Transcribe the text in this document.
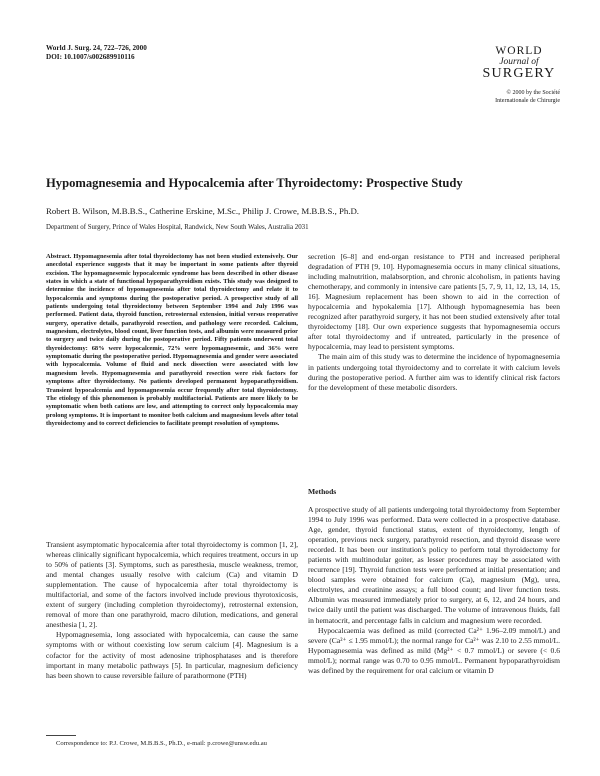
World J. Surg. 24, 722–726, 2000
DOI: 10.1007/s002689910116	WORLD
Journal of
SURGERY
© 2000 by the Société
Internationale de Chirurgie
Hypomagnesemia and Hypocalcemia after Thyroidectomy: Prospective Study
Robert B. Wilson, M.B.B.S., Catherine Erskine, M.Sc., Philip J. Crowe, M.B.B.S., Ph.D.
Department of Surgery, Prince of Wales Hospital, Randwick, New South Wales, Australia 2031
Abstract. Hypomagnesemia after total thyroidectomy has not been studied extensively. Our anecdotal experience suggests that it may be important in some patients after thyroid excision. The hypomagnesemic hypocalcemic syndrome has been described in other disease states in which a state of functional hypoparathyroidism exists. This study was designed to determine the incidence of hypomagnesemia after total thyroidectomy and relate it to hypocalcemia and symptoms during the postoperative period. A prospective study of all patients undergoing total thyroidectomy between September 1994 and July 1996 was performed. Patient data, thyroid function, retrosternal extension, initial versus reoperative surgery, operative details, parathyroid resection, and pathology were recorded. Calcium, magnesium, electrolytes, blood count, liver function tests, and albumin were measured prior to surgery and twice daily during the postoperative period. Fifty patients underwent total thyroidectomy: 68% were hypocalcemic, 72% were hypomagnesemic, and 36% were symptomatic during the postoperative period. Hypomagnesemia and gender were associated with hypocalcemia. Volume of fluid and neck dissection were associated with low magnesium levels. Hypomagnesemia and parathyroid resection were risk factors for symptoms after thyroidectomy. No patients developed permanent hypoparathyroidism. Transient hypocalcemia and hypomagnesemia occur frequently after total thyroidectomy. The etiology of this phenomenon is probably multifactorial. Patients are more likely to be symptomatic when both cations are low, and attempting to correct only hypocalcemia may prolong symptoms. It is important to monitor both calcium and magnesium levels after total thyroidectomy and to correct deficiencies to facilitate prompt resolution of symptoms.

Transient asymptomatic hypocalcemia after total thyroidectomy is common [1, 2], whereas clinically significant hypocalcemia, which requires treatment, occurs in up to 50% of patients [3]. Symptoms, such as paresthesia, muscle weakness, tremor, and mental changes usually resolve with calcium (Ca) and vitamin D supplementation. The cause of hypocalcemia after total thyroidectomy is multifactorial, and some of the factors involved include previous thyrotoxicosis, extent of surgery (including completion thyroidectomy), retrosternal extension, removal of more than one parathyroid, macro dilution, medications, and general anesthesia [1, 2].

Hypomagnesemia, long associated with hypocalcemia, can cause the same symptoms with or without coexisting low serum calcium [4]. Magnesium is a cofactor for the activity of most adenosine triphosphatases and is therefore important in many metabolic pathways [5]. In particular, magnesium deficiency has been shown to cause reversible failure of parathormone (PTH)

Correspondence to: P.J. Crowe, M.B.B.S., Ph.D., e-mail: p.crowe@unsw.edu.au

secretion [6–8] and end-organ resistance to PTH and increased peripheral degradation of PTH [9, 10]. Hypomagnesemia occurs in many clinical situations, including malnutrition, malabsorption, and chronic alcoholism, in patients having chemotherapy, and commonly in intensive care patients [5, 7, 9, 11, 12, 13, 14, 15, 16]. Magnesium replacement has been shown to aid in the correction of hypocalcemia and hypokalemia [17]. Although hypomagnesemia has been recognized after parathyroid surgery, it has not been studied extensively after total thyroidectomy [18]. Our own experience suggests that hypomagnesemia occurs after total thyroidectomy and if untreated, particularly in the presence of hypocalcemia, may lead to persistent symptoms.

The main aim of this study was to determine the incidence of hypomagnesemia in patients undergoing total thyroidectomy and to correlate it with calcium levels during the postoperative period. A further aim was to identify clinical risk factors for the development of these metabolic disorders.

Methods

A prospective study of all patients undergoing total thyroidectomy from September 1994 to July 1996 was performed. Data were collected in a prospective database. Age, gender, thyroid functional status, extent of thyroidectomy, length of operation, previous neck surgery, parathyroid resection, and thyroid disease were recorded. It has been our institution's policy to perform total thyroidectomy for patients with multinodular goiter, as lesser procedures may be associated with recurrence [19]. Thyroid function tests were performed at initial presentation; and blood samples were obtained for calcium (Ca), magnesium (Mg), urea, electrolytes, and creatinine assays; a full blood count; and liver function tests. Albumin was measured immediately prior to surgery, at 6, 12, and 24 hours, and twice daily until the patient was discharged. The volume of intravenous fluids, fall in hematocrit, and percentage falls in calcium and magnesium were recorded.

Hypocalcaemia was defined as mild (corrected Ca²⁺ 1.96–2.09 mmol/L) and severe (Ca²⁺ ≤ 1.95 mmol/L); the normal range for Ca²⁺ was 2.10 to 2.55 mmol/L. Hypomagnesemia was defined as mild (Mg²⁺ < 0.7 mmol/L) or severe (< 0.6 mmol/L); normal range was 0.70 to 0.95 mmol/L. Permanent hypoparathyroidism was defined by the requirement for oral calcium or vitamin D
